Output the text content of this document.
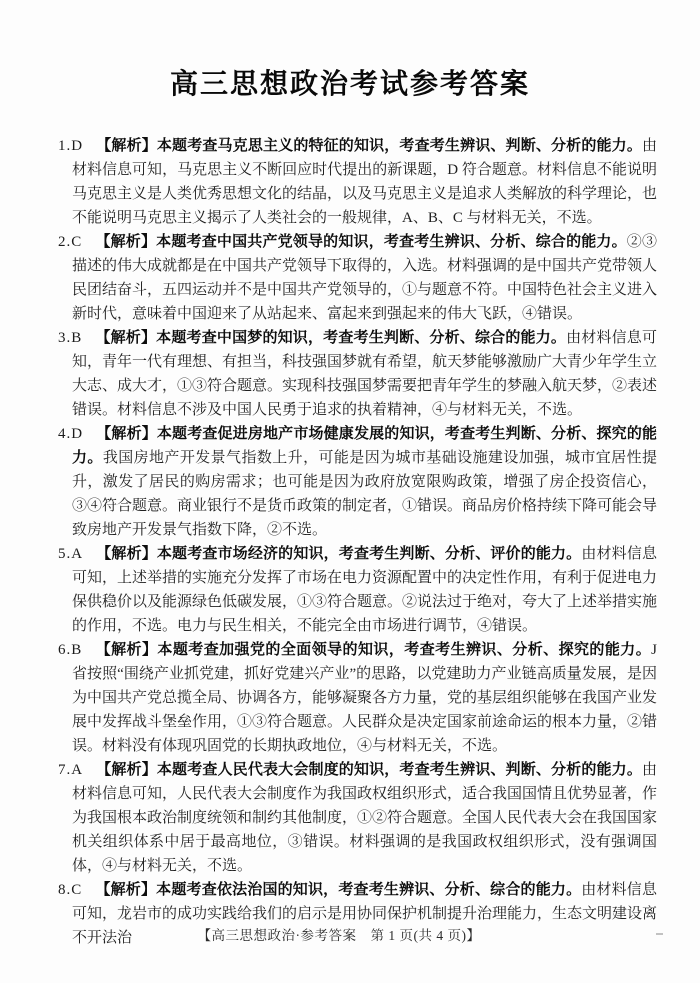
高三思想政治考试参考答案
1.D 【解析】本题考查马克思主义的特征的知识，考查考生辨识、判断、分析的能力。由材料信息可知，马克思主义不断回应时代提出的新课题，D 符合题意。材料信息不能说明马克思主义是人类优秀思想文化的结晶，以及马克思主义是追求人类解放的科学理论，也不能说明马克思主义揭示了人类社会的一般规律，A、B、C 与材料无关，不选。
2.C 【解析】本题考查中国共产党领导的知识，考查考生辨识、分析、综合的能力。②③描述的伟大成就都是在中国共产党领导下取得的，入选。材料强调的是中国共产党带领人民团结奋斗，五四运动并不是中国共产党领导的，①与题意不符。中国特色社会主义进入新时代，意味着中国迎来了从站起来、富起来到强起来的伟大飞跃，④错误。
3.B 【解析】本题考查中国梦的知识，考查考生判断、分析、综合的能力。由材料信息可知，青年一代有理想、有担当，科技强国梦就有希望，航天梦能够激励广大青少年学生立大志、成大才，①③符合题意。实现科技强国梦需要把青年学生的梦融入航天梦，②表述错误。材料信息不涉及中国人民勇于追求的执着精神，④与材料无关，不选。
4.D 【解析】本题考查促进房地产市场健康发展的知识，考查考生判断、分析、探究的能力。我国房地产开发景气指数上升，可能是因为城市基础设施建设加强，城市宜居性提升，激发了居民的购房需求；也可能是因为政府放宽限购政策，增强了房企投资信心，③④符合题意。商业银行不是货币政策的制定者，①错误。商品房价格持续下降可能会导致房地产开发景气指数下降，②不选。
5.A 【解析】本题考查市场经济的知识，考查考生判断、分析、评价的能力。由材料信息可知，上述举措的实施充分发挥了市场在电力资源配置中的决定性作用，有利于促进电力保供稳价以及能源绿色低碳发展，①③符合题意。②说法过于绝对，夸大了上述举措实施的作用，不选。电力与民生相关，不能完全由市场进行调节，④错误。
6.B 【解析】本题考查加强党的全面领导的知识，考查考生辨识、分析、探究的能力。J 省按照“围绕产业抓党建，抓好党建兴产业”的思路，以党建助力产业链高质量发展，是因为中国共产党总揽全局、协调各方，能够凝聚各方力量，党的基层组织能够在我国产业发展中发挥战斗堡垒作用，①③符合题意。人民群众是决定国家前途命运的根本力量，②错误。材料没有体现巩固党的长期执政地位，④与材料无关，不选。
7.A 【解析】本题考查人民代表大会制度的知识，考查考生辨识、判断、分析的能力。由材料信息可知，人民代表大会制度作为我国政权组织形式，适合我国国情且优势显著，作为我国根本政治制度统领和制约其他制度，①②符合题意。全国人民代表大会在我国国家机关组织体系中居于最高地位，③错误。材料强调的是我国政权组织形式，没有强调国体，④与材料无关，不选。
8.C 【解析】本题考查依法治国的知识，考查考生辨识、分析、综合的能力。由材料信息可知，龙岩市的成功实践给我们的启示是用协同保护机制提升治理能力，生态文明建设离不开法治	【高三思想政治·参考答案　第 1 页(共 4 页)】
